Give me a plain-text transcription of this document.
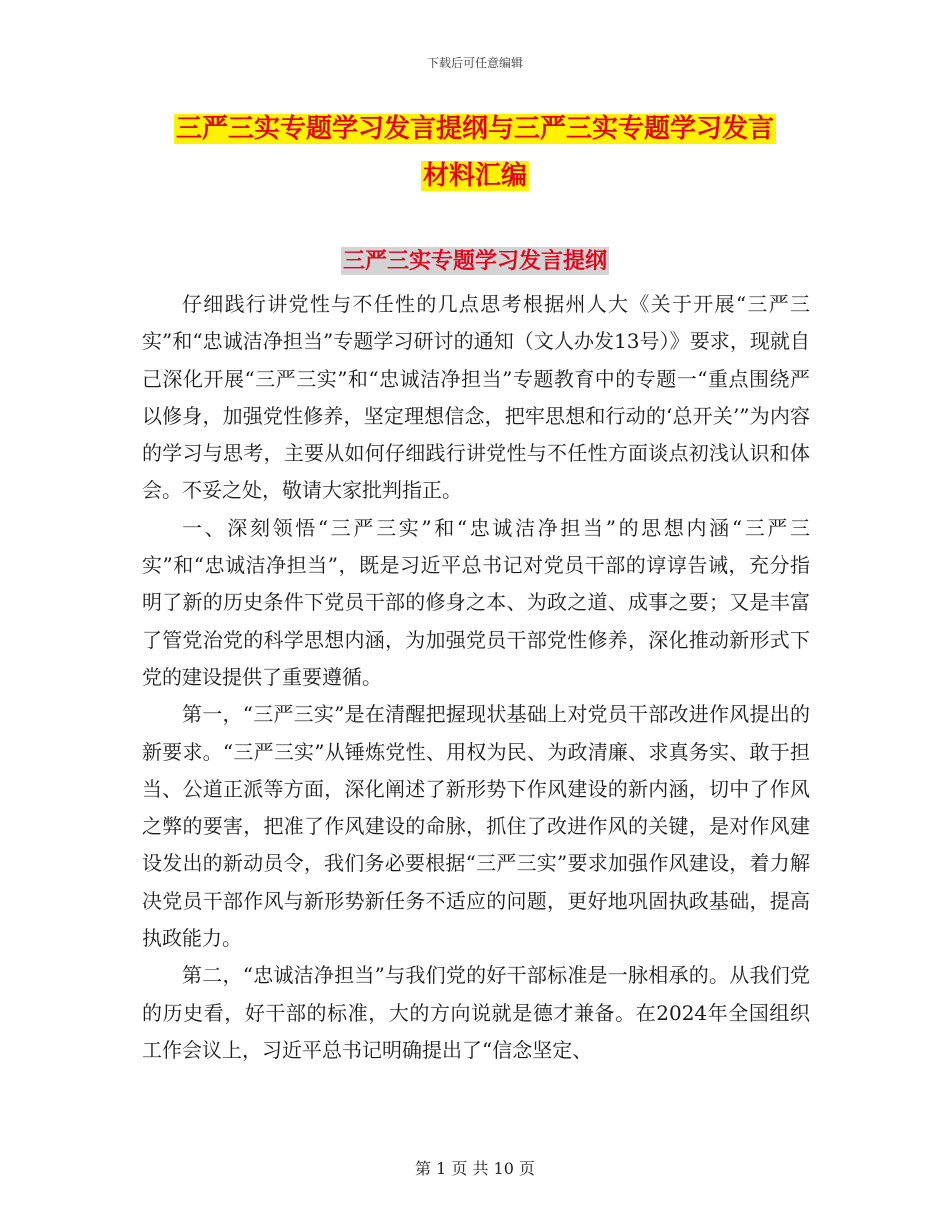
下载后可任意编辑
三严三实专题学习发言提纲与三严三实专题学习发言
材料汇编
三严三实专题学习发言提纲

仔细践行讲党性与不任性的几点思考根据州人大《关于开展“三严三实”和“忠诚洁净担当”专题学习研讨的通知（文人办发13号）》要求，现就自己深化开展“三严三实”和“忠诚洁净担当”专题教育中的专题一“重点围绕严以修身，加强党性修养，坚定理想信念，把牢思想和行动的‘总开关’”为内容的学习与思考，主要从如何仔细践行讲党性与不任性方面谈点初浅认识和体会。不妥之处，敬请大家批判指正。

一、深刻领悟“三严三实”和“忠诚洁净担当”的思想内涵“三严三实”和“忠诚洁净担当”，既是习近平总书记对党员干部的谆谆告诫，充分指明了新的历史条件下党员干部的修身之本、为政之道、成事之要；又是丰富了管党治党的科学思想内涵，为加强党员干部党性修养，深化推动新形式下党的建设提供了重要遵循。

第一，“三严三实”是在清醒把握现状基础上对党员干部改进作风提出的新要求。“三严三实”从锤炼党性、用权为民、为政清廉、求真务实、敢于担当、公道正派等方面，深化阐述了新形势下作风建设的新内涵，切中了作风之弊的要害，把准了作风建设的命脉，抓住了改进作风的关键，是对作风建设发出的新动员令，我们务必要根据“三严三实”要求加强作风建设，着力解决党员干部作风与新形势新任务不适应的问题，更好地巩固执政基础，提高执政能力。

第二，“忠诚洁净担当”与我们党的好干部标准是一脉相承的。从我们党的历史看，好干部的标准，大的方向说就是德才兼备。在2024年全国组织工作会议上，习近平总书记明确提出了“信念坚定、

第 1 页 共 10 页
